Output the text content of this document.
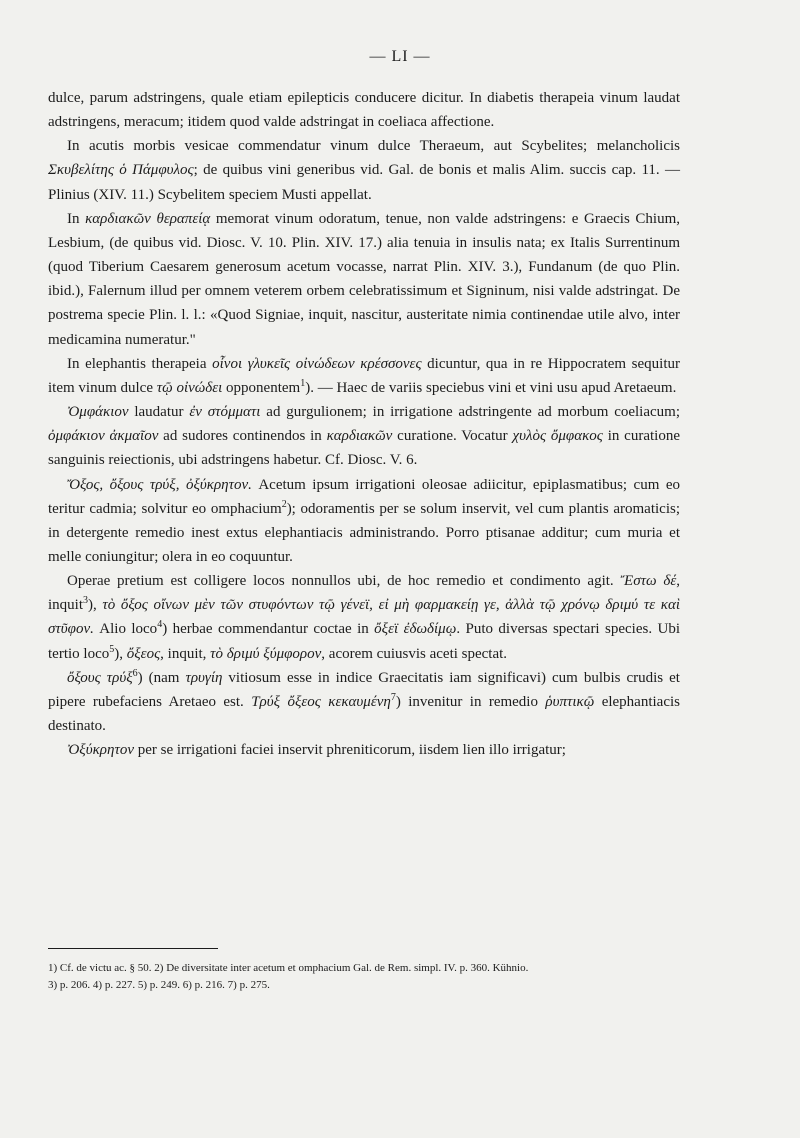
— LI —

dulce, parum adstringens, quale etiam epilepticis conducere dicitur. In diabetis therapeia vinum laudat adstringens, meracum; itidem quod valde adstringat in coeliaca affectione.

In acutis morbis vesicae commendatur vinum dulce Theraeum, aut Scybelites; melancholicis Σκυβελίτης ὁ Πάμφυλος; de quibus vini generibus vid. Gal. de bonis et malis Alim. succis cap. 11. — Plinius (XIV. 11.) Scybelitem speciem Musti appellat.

In καρδιακῶν θεραπείᾳ memorat vinum odoratum, tenue, non valde adstringens: e Graecis Chium, Lesbium, (de quibus vid. Diosc. V. 10. Plin. XIV. 17.) alia tenuia in insulis nata; ex Italis Surrentinum (quod Tiberium Caesarem generosum acetum vocasse, narrat Plin. XIV. 3.), Fundanum (de quo Plin. ibid.), Falernum illud per omnem veterem orbem celebratissimum et Signinum, nisi valde adstringat. De postrema specie Plin. l. l.: «Quod Signiae, inquit, nascitur, austeritate nimia continendae utile alvo, inter medicamina numeratur."

In elephantis therapeia οἶνοι γλυκεῖς οἰνώδεων κρέσσονες dicuntur, qua in re Hippocratem sequitur item vinum dulce τῷ οἰνώδει opponentem$^1$). — Haec de variis speciebus vini et vini usu apud Aretaeum.

Ὀμφάκιον laudatur ἐν στόμματι ad gurgulionem; in irrigatione adstringente ad morbum coeliacum; ὀμφάκιον ἀκμαῖον ad sudores continendos in καρδιακῶν curatione. Vocatur χυλὸς ὄμφακος in curatione sanguinis reiectionis, ubi adstringens habetur. Cf. Diosc. V. 6.

Ὄξος, ὄξους τρύξ, ὀξύκρητον. Acetum ipsum irrigationi oleosae adiicitur, epiplasmatibus; cum eo teritur cadmia; solvitur eo omphacium$^2$); odoramentis per se solum inservit, vel cum plantis aromaticis; in detergente remedio inest extus elephantiacis administrando. Porro ptisanae additur; cum muria et melle coniungitur; olera in eo coquuntur.

Operae pretium est colligere locos nonnullos ubi, de hoc remedio et condimento agit. Ἔστω δέ, inquit$^3$), τὸ ὄξος οἴνων μὲν τῶν στυφόντων τῷ γένεϊ, εἰ μὴ φαρμακείῃ γε, ἀλλὰ τῷ χρόνῳ δριμύ τε καὶ στῦφον. Alio loco$^4$) herbae commendantur coctae in ὄξεϊ ἐδωδίμῳ. Puto diversas spectari species. Ubi tertio loco$^5$), ὄξεος, inquit, τὸ δριμύ ξύμφορον, acorem cuiusvis aceti spectat.

ὄξους τρύξ$^6$) (nam τρυγίη vitiosum esse in indice Graecitatis iam significavi) cum bulbis crudis et pipere rubefaciens Aretaeo est. Τρύξ ὄξεος κεκαυμένη$^7$) invenitur in remedio ῥυπτικῷ elephantiacis destinato.

Ὀξύκρητον per se irrigationi faciei inservit phreniticorum, iisdem lien illo irrigatur;

1) Cf. de victu ac. § 50. 2) De diversitate inter acetum et omphacium Gal. de Rem. simpl. IV. p. 360. Kühnio.
3) p. 206. 4) p. 227. 5) p. 249. 6) p. 216. 7) p. 275.
